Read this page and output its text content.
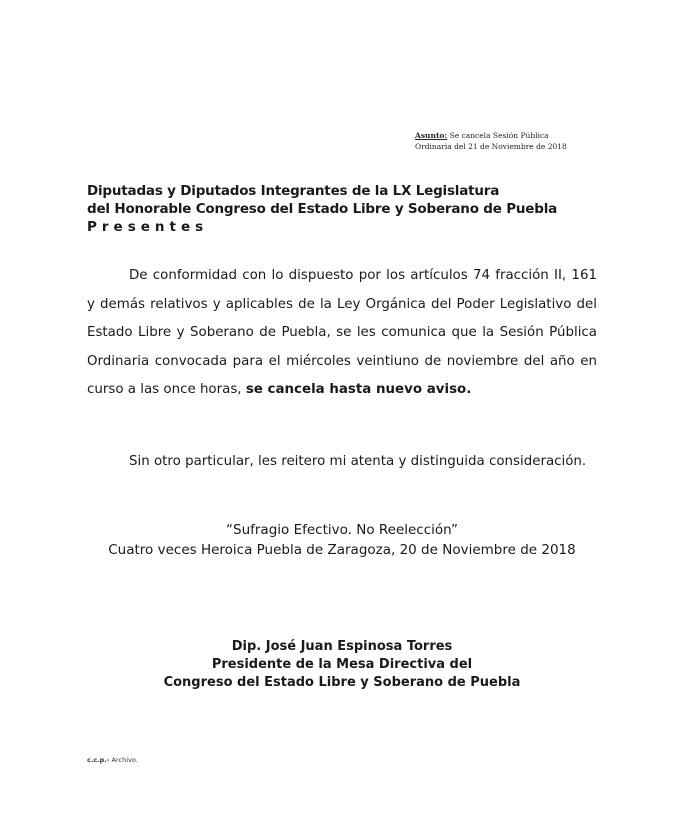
Asunto: Se cancela Sesión Pública
Ordinaria del 21 de Noviembre de 2018
Diputadas y Diputados Integrantes de la LX Legislatura
del Honorable Congreso del Estado Libre y Soberano de Puebla
Presentes
De conformidad con lo dispuesto por los artículos 74 fracción II, 161 y demás relativos y aplicables de la Ley Orgánica del Poder Legislativo del Estado Libre y Soberano de Puebla, se les comunica que la Sesión Pública Ordinaria convocada para el miércoles veintiuno de noviembre del año en curso a las once horas, se cancela hasta nuevo aviso.
Sin otro particular, les reitero mi atenta y distinguida consideración.
“Sufragio Efectivo. No Reelección”
Cuatro veces Heroica Puebla de Zaragoza, 20 de Noviembre de 2018
Dip. José Juan Espinosa Torres
Presidente de la Mesa Directiva del
Congreso del Estado Libre y Soberano de Puebla
c.c.p.- Archivo.
